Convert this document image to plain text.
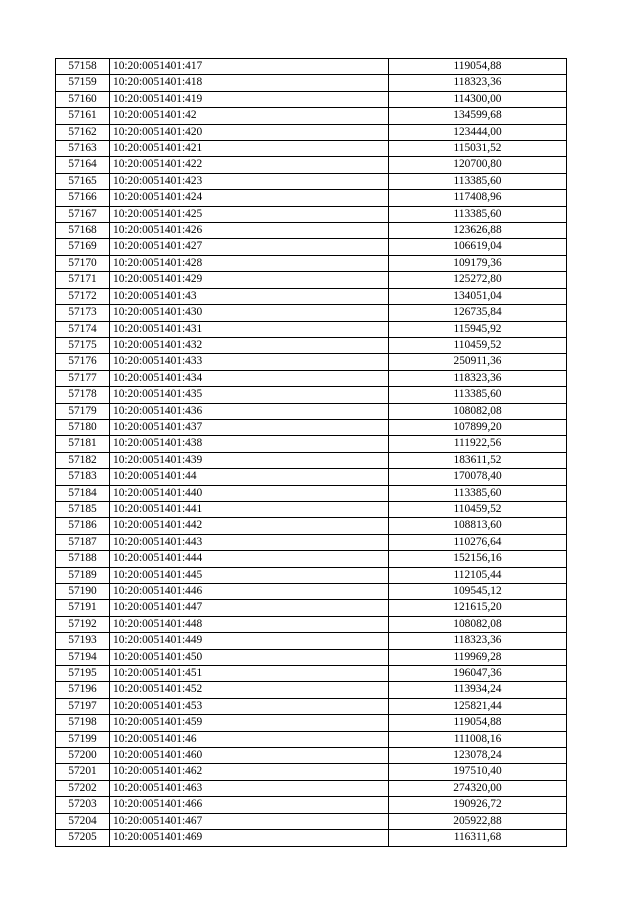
57158	10:20:0051401:417	119054,88
57159	10:20:0051401:418	118323,36
57160	10:20:0051401:419	114300,00
57161	10:20:0051401:42	134599,68
57162	10:20:0051401:420	123444,00
57163	10:20:0051401:421	115031,52
57164	10:20:0051401:422	120700,80
57165	10:20:0051401:423	113385,60
57166	10:20:0051401:424	117408,96
57167	10:20:0051401:425	113385,60
57168	10:20:0051401:426	123626,88
57169	10:20:0051401:427	106619,04
57170	10:20:0051401:428	109179,36
57171	10:20:0051401:429	125272,80
57172	10:20:0051401:43	134051,04
57173	10:20:0051401:430	126735,84
57174	10:20:0051401:431	115945,92
57175	10:20:0051401:432	110459,52
57176	10:20:0051401:433	250911,36
57177	10:20:0051401:434	118323,36
57178	10:20:0051401:435	113385,60
57179	10:20:0051401:436	108082,08
57180	10:20:0051401:437	107899,20
57181	10:20:0051401:438	111922,56
57182	10:20:0051401:439	183611,52
57183	10:20:0051401:44	170078,40
57184	10:20:0051401:440	113385,60
57185	10:20:0051401:441	110459,52
57186	10:20:0051401:442	108813,60
57187	10:20:0051401:443	110276,64
57188	10:20:0051401:444	152156,16
57189	10:20:0051401:445	112105,44
57190	10:20:0051401:446	109545,12
57191	10:20:0051401:447	121615,20
57192	10:20:0051401:448	108082,08
57193	10:20:0051401:449	118323,36
57194	10:20:0051401:450	119969,28
57195	10:20:0051401:451	196047,36
57196	10:20:0051401:452	113934,24
57197	10:20:0051401:453	125821,44
57198	10:20:0051401:459	119054,88
57199	10:20:0051401:46	111008,16
57200	10:20:0051401:460	123078,24
57201	10:20:0051401:462	197510,40
57202	10:20:0051401:463	274320,00
57203	10:20:0051401:466	190926,72
57204	10:20:0051401:467	205922,88
57205	10:20:0051401:469	116311,68
